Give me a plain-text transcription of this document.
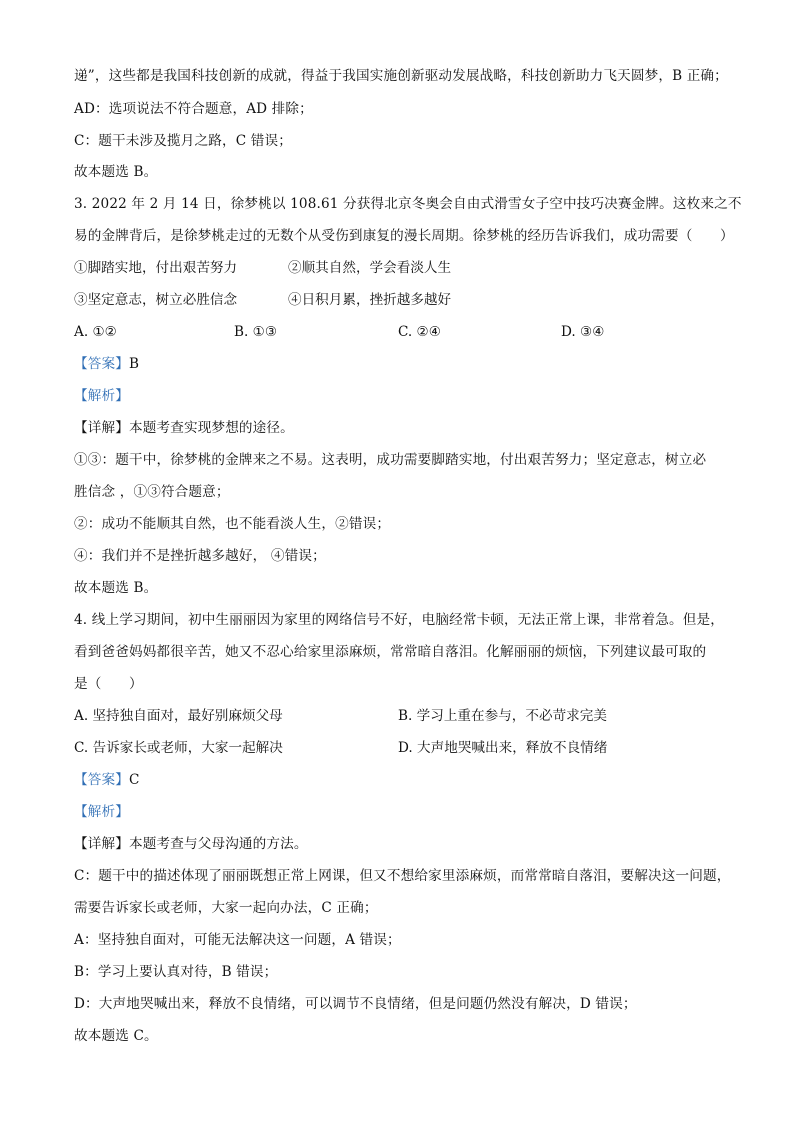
递”，这些都是我国科技创新的成就，得益于我国实施创新驱动发展战略，科技创新助力飞天圆梦，B 正确；
AD：选项说法不符合题意，AD 排除；
C：题干未涉及揽月之路，C 错误；
故本题选 B。
3. 2022 年 2 月 14 日，徐梦桃以 108.61 分获得北京冬奥会自由式滑雪女子空中技巧决赛金牌。这枚来之不
易的金牌背后，是徐梦桃走过的无数个从受伤到康复的漫长周期。徐梦桃的经历告诉我们，成功需要（　　）
①脚踏实地，付出艰苦努力	②顺其自然，学会看淡人生
③坚定意志，树立必胜信念	④日积月累，挫折越多越好
A. ①②	B. ①③	C. ②④	D. ③④
【答案】B
【解析】
【详解】本题考查实现梦想的途径。
①③：题干中，徐梦桃的金牌来之不易。这表明，成功需要脚踏实地，付出艰苦努力；坚定意志，树立必
胜信念 ，①③符合题意；
②：成功不能顺其自然，也不能看淡人生，②错误；
④：我们并不是挫折越多越好， ④错误；
故本题选 B。
4. 线上学习期间，初中生丽丽因为家里的网络信号不好，电脑经常卡顿，无法正常上课，非常着急。但是，
看到爸爸妈妈都很辛苦，她又不忍心给家里添麻烦，常常暗自落泪。化解丽丽的烦恼，下列建议最可取的
是（　　）
A. 坚持独自面对，最好别麻烦父母	B. 学习上重在参与，不必苛求完美
C. 告诉家长或老师，大家一起解决	D. 大声地哭喊出来，释放不良情绪
【答案】C
【解析】
【详解】本题考查与父母沟通的方法。
C：题干中的描述体现了丽丽既想正常上网课，但又不想给家里添麻烦，而常常暗自落泪，要解决这一问题，
需要告诉家长或老师，大家一起向办法，C 正确；
A：坚持独自面对，可能无法解决这一问题，A 错误；
B：学习上要认真对待，B 错误；
D：大声地哭喊出来，释放不良情绪，可以调节不良情绪，但是问题仍然没有解决，D 错误；
故本题选 C。
